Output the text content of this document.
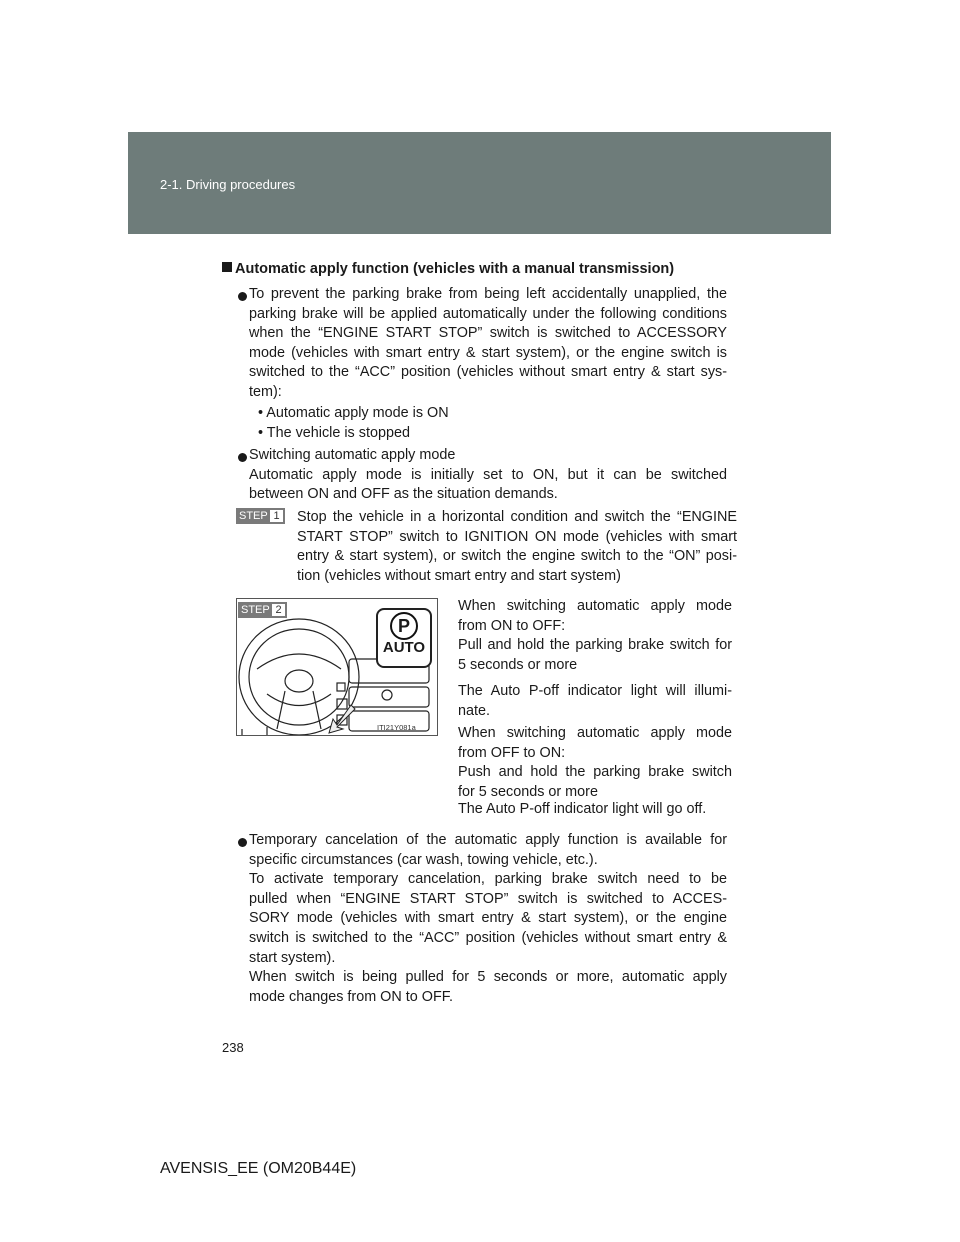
2-1. Driving procedures
Automatic apply function (vehicles with a manual transmission)
To prevent the parking brake from being left accidentally unapplied, the
parking brake will be applied automatically under the following conditions
when the “ENGINE START STOP” switch is switched to ACCESSORY
mode (vehicles with smart entry & start system), or the engine switch is
switched to the “ACC” position (vehicles without smart entry & start sys-
tem):
• Automatic apply mode is ON
• The vehicle is stopped
Switching automatic apply mode
Automatic apply mode is initially set to ON, but it can be switched
between ON and OFF as the situation demands.
STEP 1	Stop the vehicle in a horizontal condition and switch the “ENGINE
START STOP” switch to IGNITION ON mode (vehicles with smart
entry & start system), or switch the engine switch to the “ON” posi-
tion (vehicles without smart entry and start system)
P
AUTO
ITI21Y081a
STEP 2	When switching automatic apply mode
from ON to OFF:
Pull and hold the parking brake switch for
5 seconds or more
The Auto P-off indicator light will illumi-
nate.
When switching automatic apply mode
from OFF to ON:
Push and hold the parking brake switch
for 5 seconds or more
The Auto P-off indicator light will go off.
Temporary cancelation of the automatic apply function is available for
specific circumstances (car wash, towing vehicle, etc.).
To activate temporary cancelation, parking brake switch need to be
pulled when “ENGINE START STOP” switch is switched to ACCES-
SORY mode (vehicles with smart entry & start system), or the engine
switch is switched to the “ACC” position (vehicles without smart entry &
start system).
When switch is being pulled for 5 seconds or more, automatic apply
mode changes from ON to OFF.
238
AVENSIS_EE (OM20B44E)
